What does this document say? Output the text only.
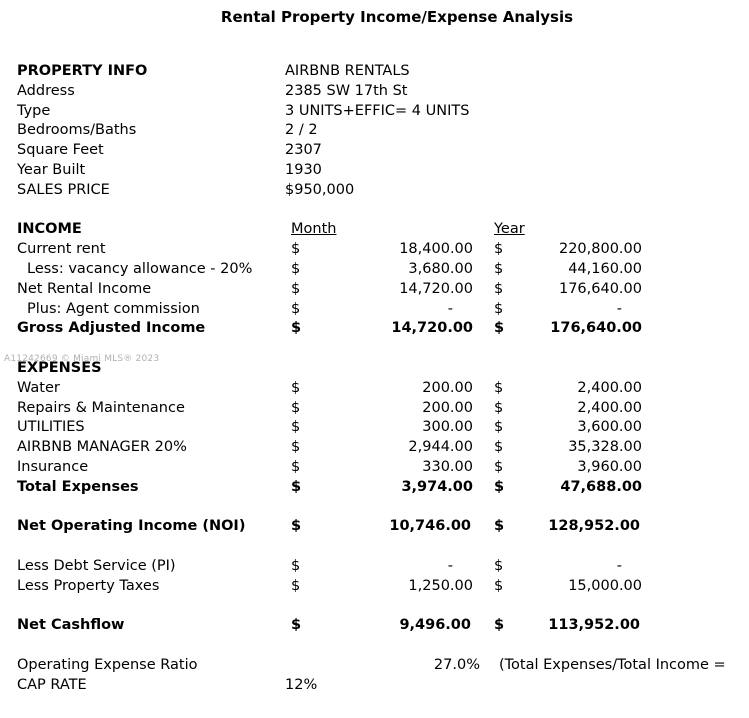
Rental Property Income/Expense Analysis
PROPERTY INFO	AIRBNB RENTALS
Address	2385 SW 17th St
Type	3 UNITS+EFFIC= 4 UNITS
Bedrooms/Baths	2 / 2
Square Feet	2307
Year Built	1930
SALES PRICE	$950,000
INCOME	Month	Year
Current rent	$	18,400.00 $	220,800.00
Less: vacancy allowance - 20%	$	3,680.00 $	44,160.00
Net Rental Income	$	14,720.00 $	176,640.00
Plus: Agent commission	$	-	$	-
Gross Adjusted Income	$	14,720.00 $	176,640.00
A11242669 © Miami MLS® 2023
EXPENSES
Water	$	200.00 $	2,400.00
Repairs & Maintenance	$	200.00 $	2,400.00
UTILITIES	$	300.00 $	3,600.00
AIRBNB MANAGER 20%	$	2,944.00 $	35,328.00
Insurance	$	330.00 $	3,960.00
Total Expenses	$	3,974.00 $	47,688.00
Net Operating Income (NOI)	$	10,746.00 $	128,952.00
Less Debt Service (PI)	$	-	$	-
Less Property Taxes	$	1,250.00 $	15,000.00
Net Cashflow	$	9,496.00 $	113,952.00
Operating Expense Ratio	27.0% (Total Expenses/Total Income =
CAP RATE	12%
